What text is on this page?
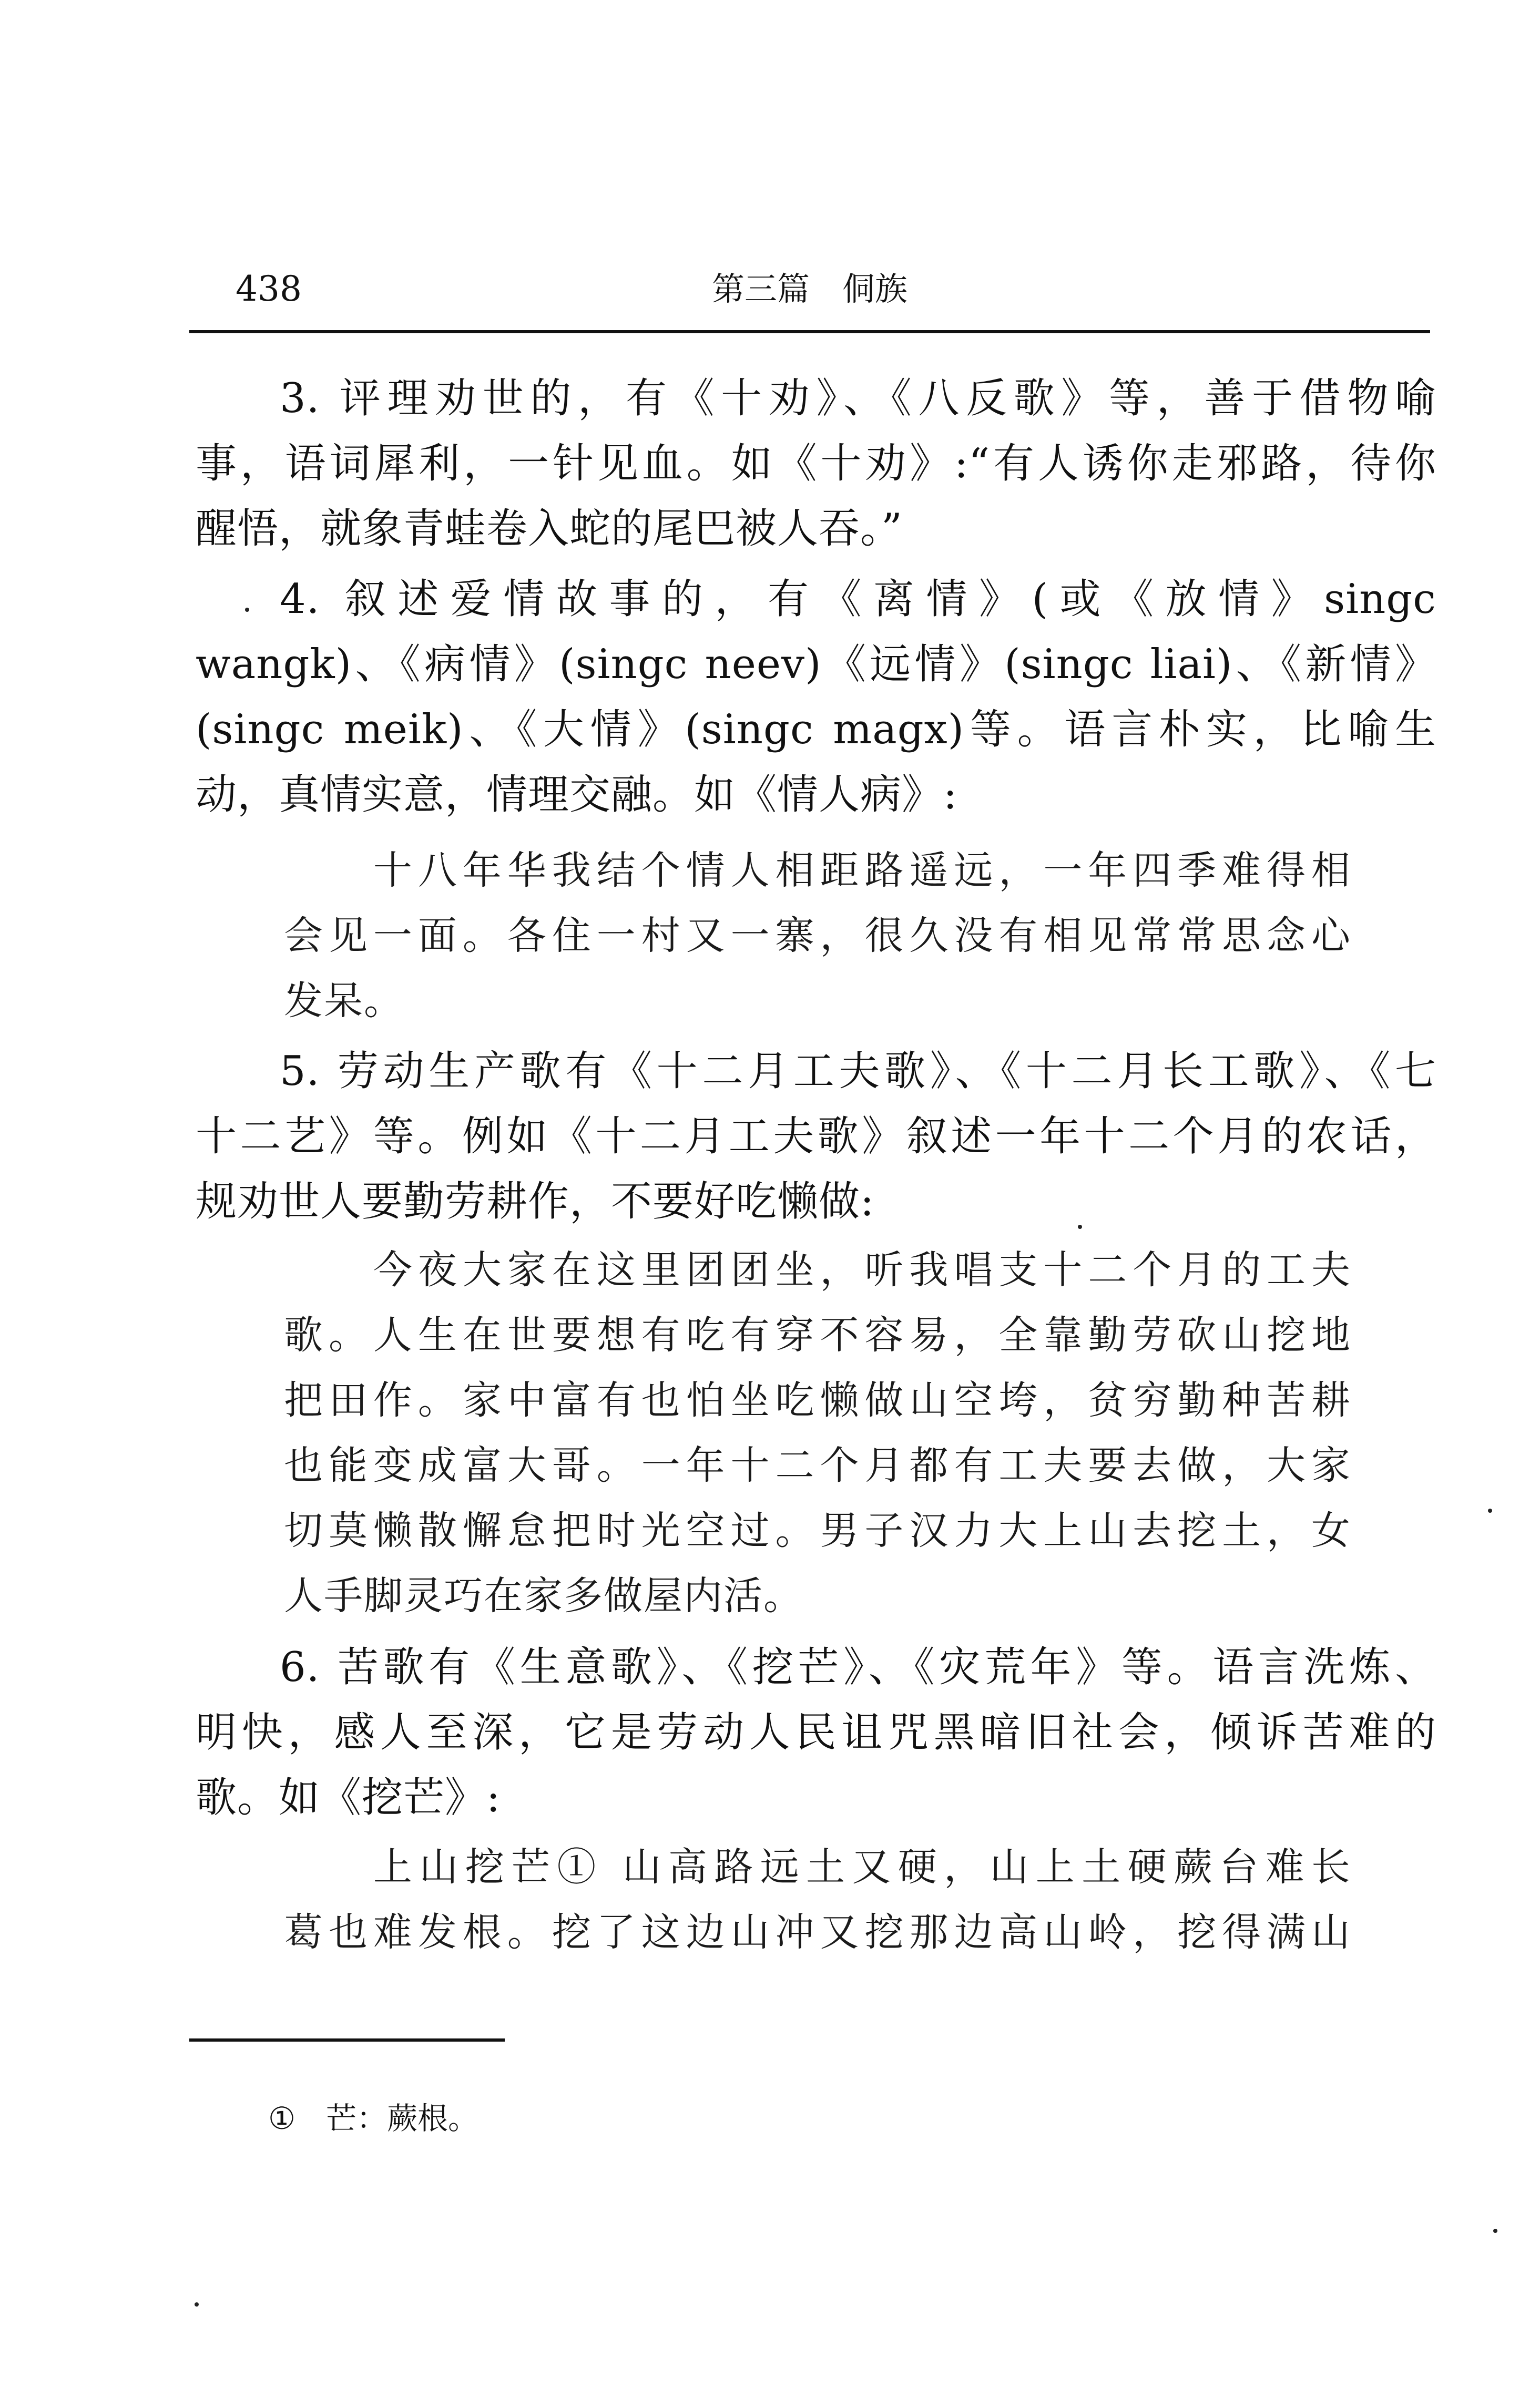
438	第三篇　侗族
3. 评理劝世的，有《十劝》、《八反歌》等，善于借物喻
事，语词犀利，一针见血。如《十劝》:“有人诱你走邪路，待你
醒悟，就象青蛙卷入蛇的尾巴被人吞。”
4. 叙述爱情故事的，有《离情》(或《放情》singc
wangk)、《病情》(singc neev)《远情》(singc liai)、《新情》
(singc meik)、《大情》(singc magx)等。语言朴实，比喻生
动，真情实意，情理交融。如《情人病》:
十八年华我结个情人相距路遥远，一年四季难得相
会见一面。各住一村又一寨，很久没有相见常常思念心
发呆。
5. 劳动生产歌有《十二月工夫歌》、《十二月长工歌》、《七
十二艺》等。例如《十二月工夫歌》叙述一年十二个月的农话，
规劝世人要勤劳耕作，不要好吃懒做:
今夜大家在这里团团坐，听我唱支十二个月的工夫
歌。人生在世要想有吃有穿不容易，全靠勤劳砍山挖地
把田作。家中富有也怕坐吃懒做山空垮，贫穷勤种苦耕
也能变成富大哥。一年十二个月都有工夫要去做，大家
切莫懒散懈怠把时光空过。男子汉力大上山去挖土，女
人手脚灵巧在家多做屋内活。
6. 苦歌有《生意歌》、《挖芒》、《灾荒年》等。语言洗炼、
明快，感人至深，它是劳动人民诅咒黑暗旧社会，倾诉苦难的
歌。如《挖芒》:
上山挖芒① 山高路远土又硬，山上土硬蕨台难长
葛也难发根。挖了这边山冲又挖那边高山岭，挖得满山
① 芒：蕨根。
